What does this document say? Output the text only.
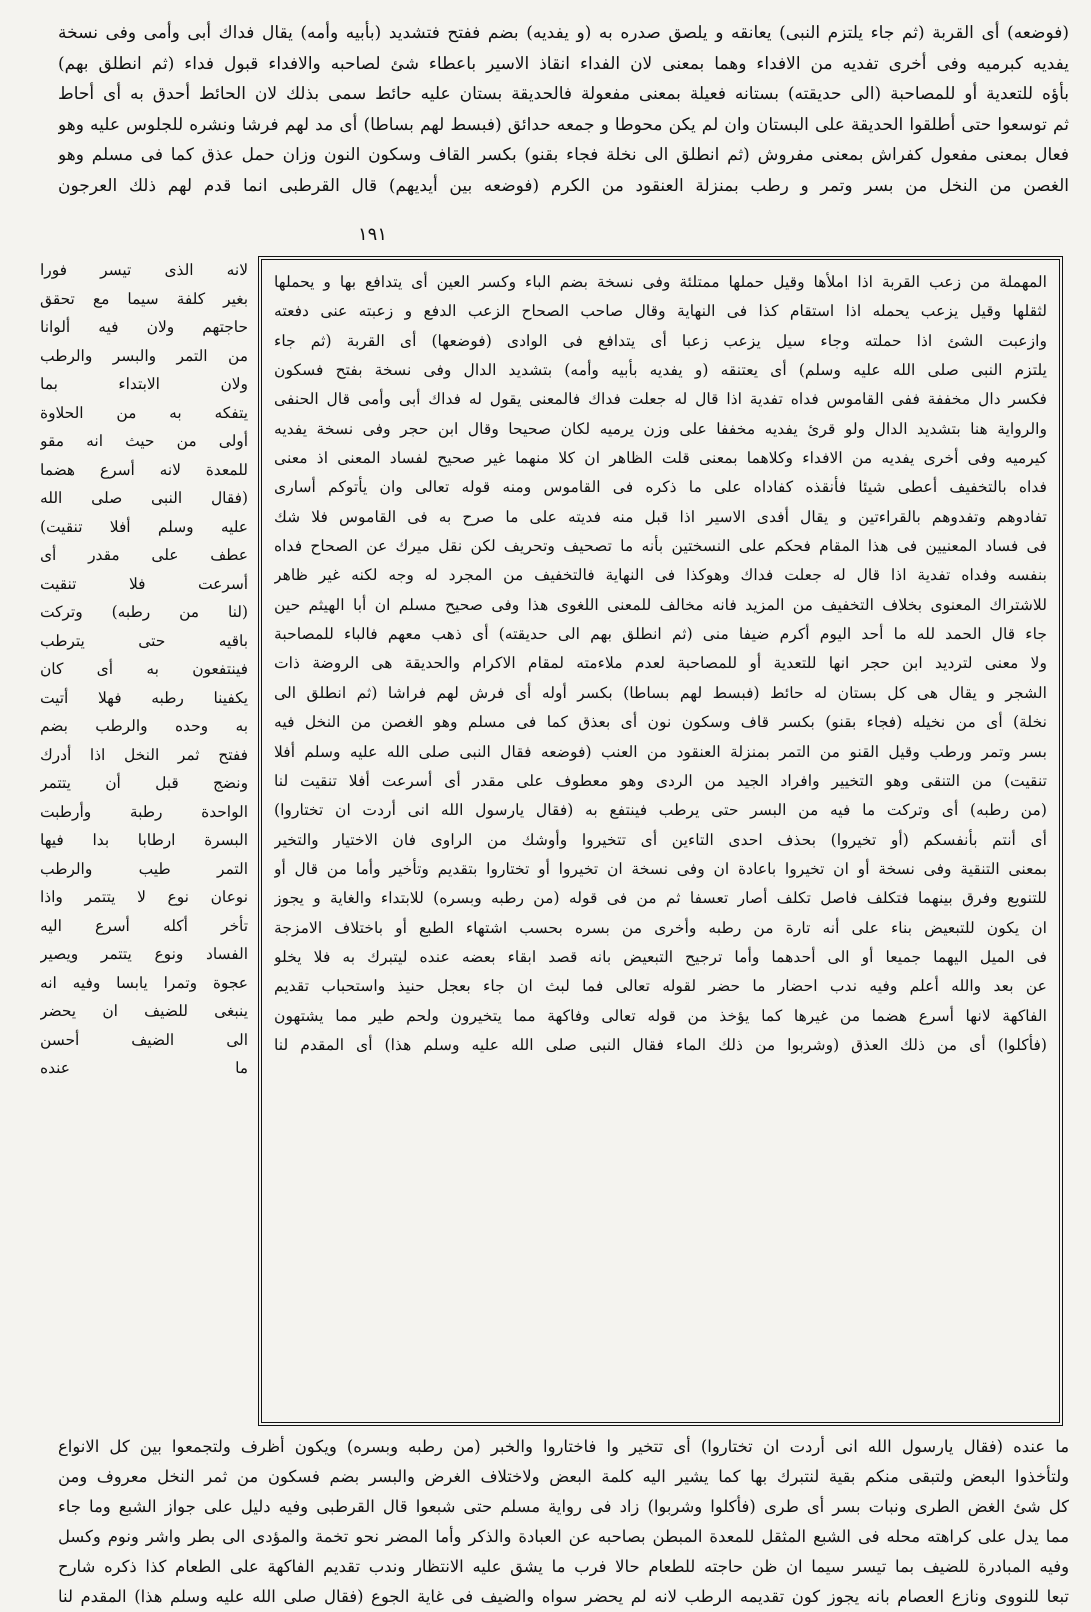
(فوضعه) أى القربة (ثم جاء يلتزم النبى) يعانقه و يلصق صدره به (و يفديه) بضم ففتح فتشديد (بأبيه وأمه) يقال فداك أبى وأمى وفى نسخة
يفديه كبرميه وفى أخرى تفديه من الافداء وهما بمعنى لان الفداء انقاذ الاسير باعطاء شئ لصاحبه والافداء قبول فداء (ثم انطلق بهم)
بأؤه للتعدية أو للمصاحبة (الى حديقته) بستانه فعيلة بمعنى مفعولة فالحديقة بستان عليه حائط سمى بذلك لان الحائط أحدق به أى أحاط
ثم توسعوا حتى أطلقوا الحديقة على البستان وان لم يكن محوطا و جمعه حدائق (فبسط لهم بساطا) أى مد لهم فرشا ونشره للجلوس عليه وهو
فعال بمعنى مفعول كفراش بمعنى مفروش (ثم انطلق الى نخلة فجاء بقنو) بكسر القاف وسكون النون وزان حمل عذق كما فى مسلم وهو
الغصن من النخل من بسر وتمر و رطب بمنزلة العنقود من الكرم (فوضعه بين أيديهم) قال القرطبى انما قدم لهم ذلك العرجون
١٩١
المهملة من زعب القربة اذا املأها وقيل حملها ممتلئة وفى نسخة بضم الباء وكسر العين أى يتدافع بها و يحملها
لثقلها وقيل يزعب يحمله اذا استقام كذا فى النهاية وقال صاحب الصحاح الزعب الدفع و زعبته عنى دفعته
وازعبت الشئ اذا حملته وجاء سيل يزعب زعبا أى يتدافع فى الوادى (فوضعها) أى القربة (ثم جاء
يلتزم النبى صلى الله عليه وسلم) أى يعتنقه (و يفديه بأبيه وأمه) بتشديد الدال وفى نسخة بفتح فسكون
فكسر دال مخففة ففى القاموس فداه تفدية اذا قال له جعلت فداك فالمعنى يقول له فداك أبى وأمى قال الحنفى
والرواية هنا بتشديد الدال ولو قرئ يفديه مخففا على وزن يرميه لكان صحيحا وقال ابن حجر وفى نسخة يفديه
كيرميه وفى أخرى يفديه من الافداء وكلاهما بمعنى قلت الظاهر ان كلا منهما غير صحيح لفساد المعنى اذ معنى
فداه بالتخفيف أعطى شيئا فأنقذه كفاداه على ما ذكره فى القاموس ومنه قوله تعالى وان يأتوكم أسارى
تفادوهم وتفدوهم بالقراءتين و يقال أفدى الاسير اذا قبل منه فديته على ما صرح به فى القاموس فلا شك
فى فساد المعنيين فى هذا المقام فحكم على النسختين بأنه ما تصحيف وتحريف لكن نقل ميرك عن الصحاح فداه
بنفسه وفداه تفدية اذا قال له جعلت فداك وهوكذا فى النهاية فالتخفيف من المجرد له وجه لكنه غير ظاهر
للاشتراك المعنوى بخلاف التخفيف من المزيد فانه مخالف للمعنى اللغوى هذا وفى صحيح مسلم ان أبا الهيثم حين
جاء قال الحمد لله ما أحد اليوم أكرم ضيفا منى (ثم انطلق بهم الى حديقته) أى ذهب معهم فالباء للمصاحبة
ولا معنى لترديد ابن حجر انها للتعدية أو للمصاحبة لعدم ملاءمته لمقام الاكرام والحديقة هى الروضة ذات
الشجر و يقال هى كل بستان له حائط (فبسط لهم بساطا) بكسر أوله أى فرش لهم فراشا (ثم انطلق الى
نخلة) أى من نخيله (فجاء بقنو) بكسر قاف وسكون نون أى بعذق كما فى مسلم وهو الغصن من النخل فيه
بسر وتمر ورطب وقيل القنو من التمر بمنزلة العنقود من العنب (فوضعه فقال النبى صلى الله عليه وسلم أفلا
تنقيت) من التنقى وهو التخيير وافراد الجيد من الردى وهو معطوف على مقدر أى أسرعت أفلا تنقيت لنا
(من رطبه) أى وتركت ما فيه من البسر حتى يرطب فينتفع به (فقال يارسول الله انى أردت ان تختاروا)
أى أنتم بأنفسكم (أو تخيروا) بحذف احدى التاءين أى تتخيروا وأوشك من الراوى فان الاختيار والتخير
بمعنى التنقية وفى نسخة أو ان تخيروا باعادة ان وفى نسخة ان تخيروا أو تختاروا بتقديم وتأخير وأما من قال أو
للتنويع وفرق بينهما فتكلف فاصل تكلف أصار تعسفا ثم من فى قوله (من رطبه وبسره) للابتداء والغاية و يجوز
ان يكون للتبعيض بناء على أنه تارة من رطبه وأخرى من بسره بحسب اشتهاء الطبع أو باختلاف الامزجة
فى الميل اليهما جميعا أو الى أحدهما وأما ترجيح التبعيض بانه قصد ابقاء بعضه عنده ليتبرك به فلا يخلو
عن بعد والله أعلم وفيه ندب احضار ما حضر لقوله تعالى فما لبث ان جاء بعجل حنيذ واستحباب تقديم
الفاكهة لانها أسرع هضما من غيرها كما يؤخذ من قوله تعالى وفاكهة مما يتخيرون ولحم طير مما يشتهون
(فأكلوا) أى من ذلك العذق (وشربوا من ذلك الماء فقال النبى صلى الله عليه وسلم هذا) أى المقدم لنا
لانه الذى تيسر فورا
بغير كلفة سيما مع تحقق
حاجتهم ولان فيه ألوانا
من التمر والبسر والرطب
ولان الابتداء بما
يتفكه به من الحلاوة
أولى من حيث انه مقو
للمعدة لانه أسرع هضما
(فقال النبى صلى الله
عليه وسلم أفلا تنقيت)
عطف على مقدر أى
أسرعت فلا تنقيت
(لنا من رطبه) وتركت
باقيه حتى يترطب
فينتفعون به أى كان
يكفينا رطبه فهلا أتيت
به وحده والرطب بضم
ففتح ثمر النخل اذا أدرك
ونضج قبل أن يتتمر
الواحدة رطبة وأرطبت
البسرة ارطابا بدا فيها
التمر طيب والرطب
نوعان نوع لا يتتمر واذا
تأخر أكله أسرع اليه
الفساد ونوع يتتمر ويصير
عجوة وتمرا يابسا وفيه انه
ينبغى للضيف ان يحضر
الى الضيف أحسن
ما عنده
ما عنده (فقال يارسول الله انى أردت ان تختاروا) أى تتخير وا فاختاروا والخبر (من رطبه وبسره) ويكون أظرف ولتجمعوا بين كل الانواع
ولتأخذوا البعض ولتبقى منكم بقية لنتبرك بها كما يشير اليه كلمة البعض ولاختلاف الغرض والبسر بضم فسكون من ثمر النخل معروف ومن
كل شئ الغض الطرى ونبات بسر أى طرى (فأكلوا وشربوا) زاد فى رواية مسلم حتى شبعوا قال القرطبى وفيه دليل على جواز الشبع وما جاء
مما يدل على كراهته محله فى الشبع المثقل للمعدة المبطن بصاحبه عن العبادة والذكر وأما المضر نحو تخمة والمؤدى الى بطر واشر ونوم وكسل
وفيه المبادرة للضيف بما تيسر سيما ان ظن حاجته للطعام حالا فرب ما يشق عليه الانتظار وندب تقديم الفاكهة على الطعام كذا ذكره شارح
تبعا للنووى ونازع العصام بانه يجوز كون تقديمه الرطب لانه لم يحضر سواه والضيف فى غاية الجوع (فقال صلى الله عليه وسلم هذا) المقدم لنا
